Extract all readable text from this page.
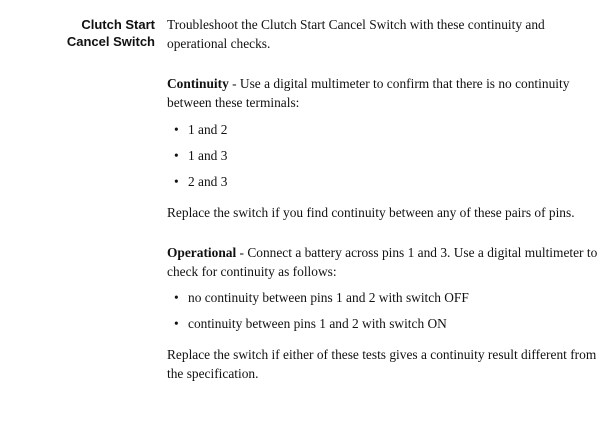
Clutch Start
Cancel Switch

Troubleshoot the Clutch Start Cancel Switch with these continuity and operational checks.

Continuity - Use a digital multimeter to confirm that there is no continuity between these terminals:

• 1 and 2
• 1 and 3
• 2 and 3

Replace the switch if you find continuity between any of these pairs of pins.

Operational - Connect a battery across pins 1 and 3. Use a digital multimeter to check for continuity as follows:

• no continuity between pins 1 and 2 with switch OFF
• continuity between pins 1 and 2 with switch ON

Replace the switch if either of these tests gives a continuity result different from the specification.
